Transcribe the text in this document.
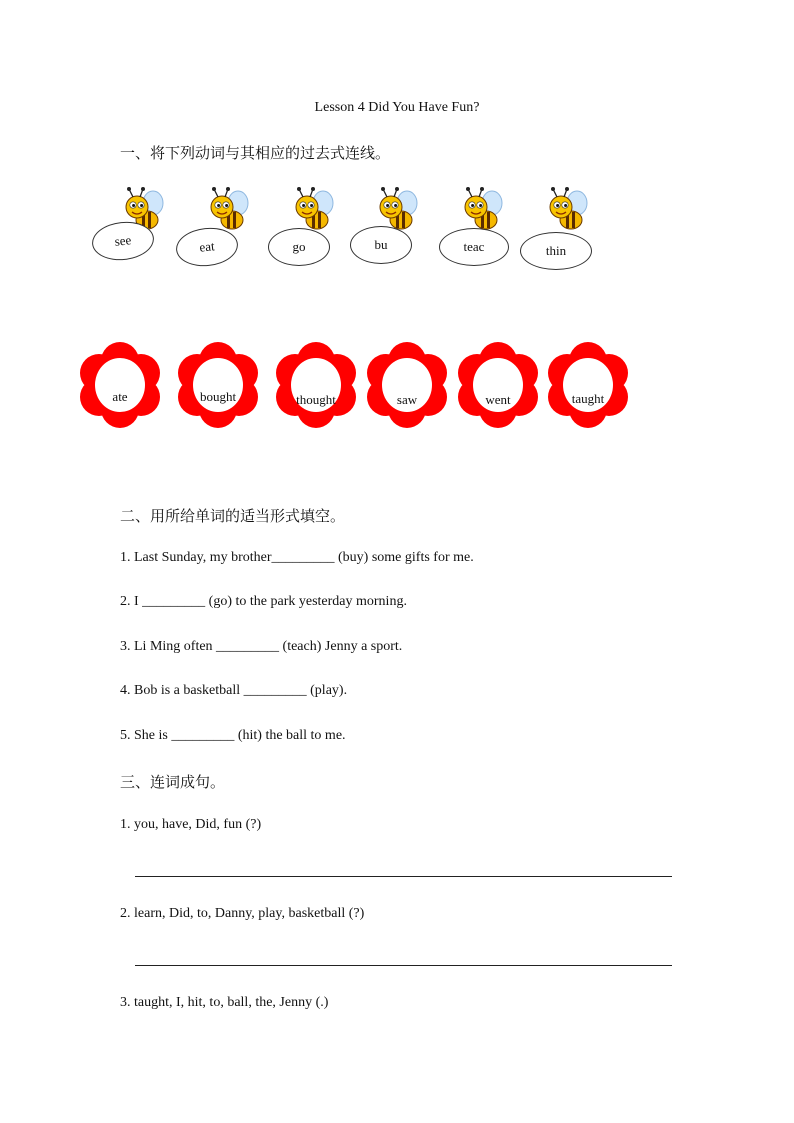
Lesson 4 Did You Have Fun?
一、将下列动词与其相应的过去式连线。
see	eat	go	bu	teac	thin
ate	bought	thought	saw	went	taught
二、用所给单词的适当形式填空。
1. Last Sunday, my brother_________ (buy) some gifts for me.
2. I _________ (go) to the park yesterday morning.
3. Li Ming often _________ (teach) Jenny a sport.
4. Bob is a basketball _________ (play).
5. She is _________ (hit) the ball to me.
三、连词成句。
1. you, have, Did, fun (?)
2. learn, Did, to, Danny, play, basketball (?)
3. taught, I, hit, to, ball, the, Jenny (.)
